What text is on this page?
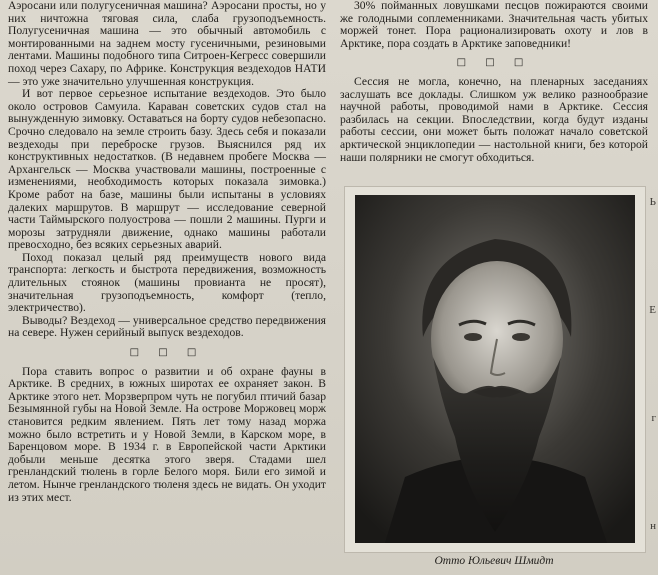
Аэросани или полугусеничная машина? Аэросани просты, но у них ничтожна тяговая сила, слаба грузоподъемность. Полугусеничная машина — это обычный автомобиль с монтированными на заднем мосту гусеничными, резиновыми лентами. Машины подобного типа Ситроен-Кегресс совершили поход через Сахару, по Африке. Конструкция вездеходов НАТИ — это уже значительно улучшенная конструкция.

И вот первое серьезное испытание вездеходов. Это было около островов Самуила. Караван советских судов стал на вынужденную зимовку. Оставаться на борту судов небезопасно. Срочно следовало на земле строить базу. Здесь себя и показали вездеходы при переброске грузов. Выяснился ряд их конструктивных недостатков. (В недавнем пробеге Москва — Архангельск — Москва участвовали машины, построенные с изменениями, необходимость которых показала зимовка.) Кроме работ на базе, машины были испытаны в условиях далеких маршрутов. В маршрут — исследование северной части Таймырского полуострова — пошли 2 машины. Пурги и морозы затрудняли движение, однако машины работали превосходно, без всяких серьезных аварий.

Поход показал целый ряд преимуществ нового вида транспорта: легкость и быстрота передвижения, возможность длительных стоянок (машины провианта не просят), значительная грузоподъемность, комфорт (тепло, электричество).

Выводы? Вездеход — универсальное средство передвижения на севере. Нужен серийный выпуск вездеходов.

□ □ □

Пора ставить вопрос о развитии и об охране фауны в Арктике. В средних, в южных широтах ее охраняет закон. В Арктике этого нет. Морзверпром чуть не погубил птичий базар Безымянной губы на Новой Земле. На острове Моржовец морж становится редким явлением. Пять лет тому назад моржа можно было встретить и у Новой Земли, в Карском море, в Баренцовом море. В 1934 г. в Европейской части Арктики добыли меньше десятка этого зверя. Стадами шел гренландский тюлень в горле Белого моря. Били его зимой и летом. Нынче гренландского тюленя здесь не видать. Он уходит из этих мест.

30% пойманных ловушками песцов пожираются своими же голодными соплеменниками. Значительная часть убитых моржей тонет. Пора рационализировать охоту и лов в Арктике, пора создать в Арктике заповедники!

□ □ □

Сессия не могла, конечно, на пленарных заседаниях заслушать все доклады. Слишком уж велико разнообразие научной работы, проводимой нами в Арктике. Сессия разбилась на секции. Впоследствии, когда будут изданы работы сессии, они может быть положат начало советской арктической энциклопедии — настольной книги, без которой наши полярники не смогут обходиться.

Отто Юльевич Шмидт
Ь
Е
г
н
